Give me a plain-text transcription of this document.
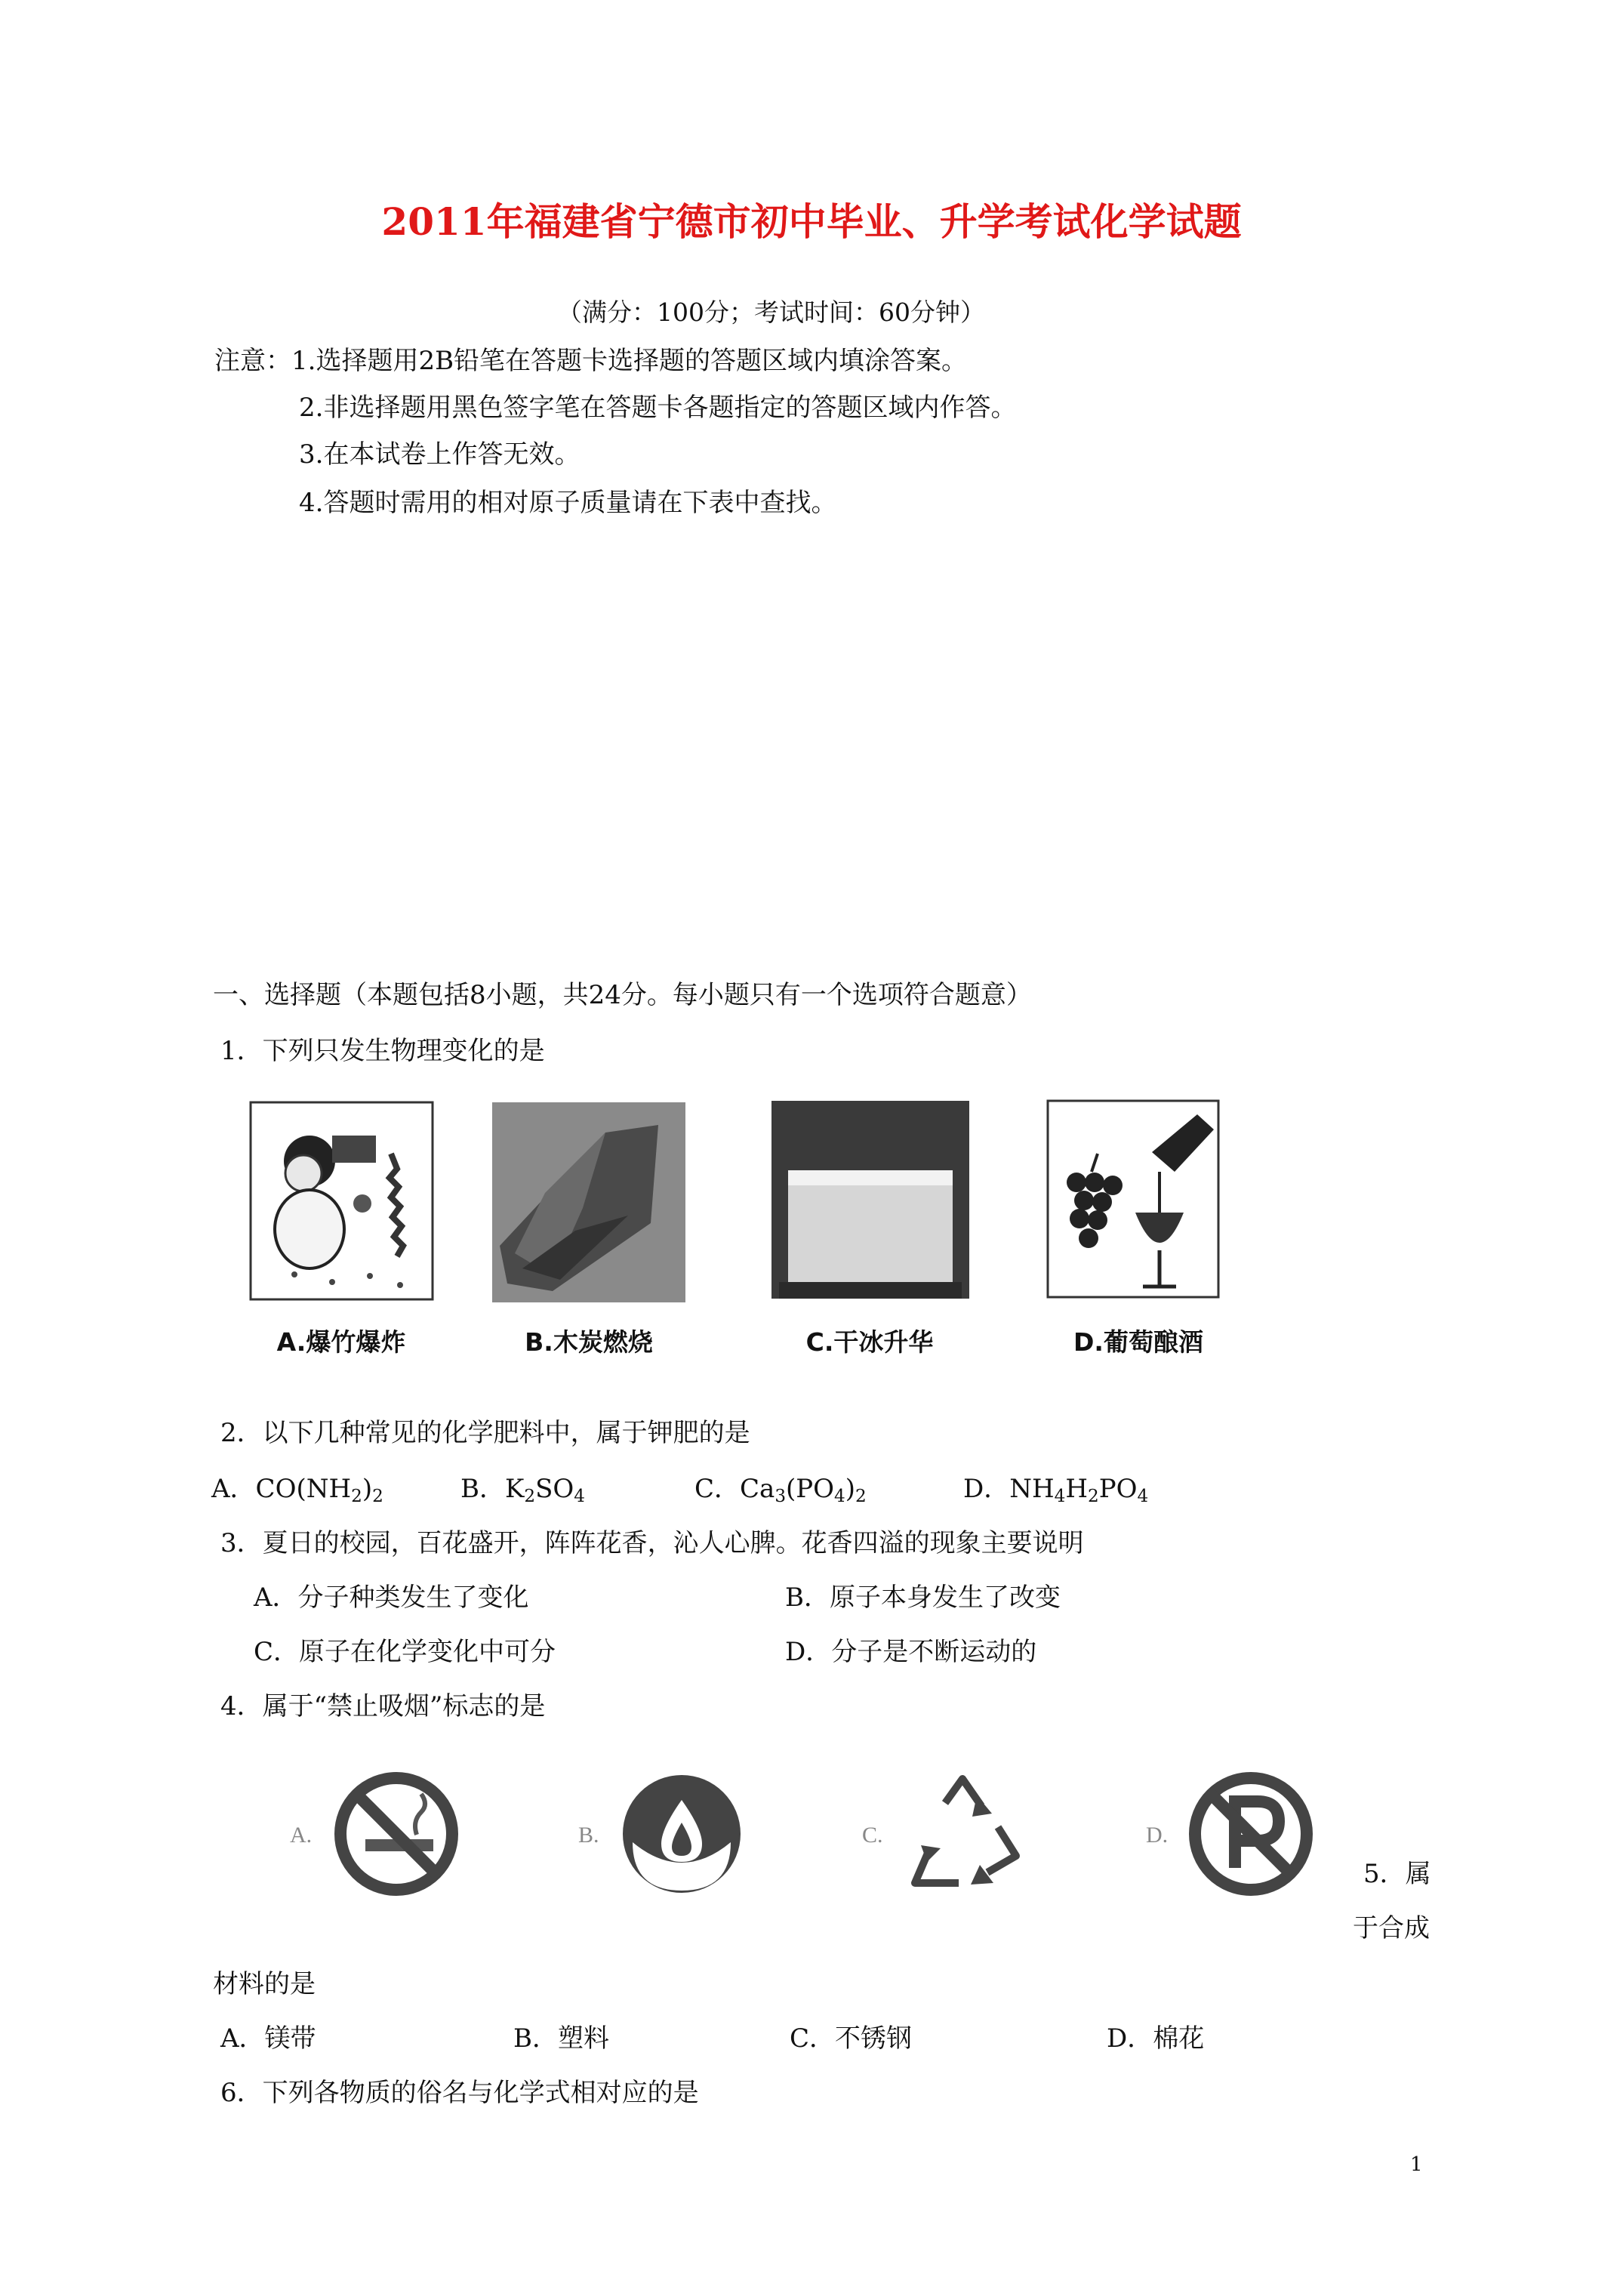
2011年福建省宁德市初中毕业、升学考试化学试题
（满分：100分；考试时间：60分钟）
注意： 1.选择题用2B铅笔在答题卡选择题的答题区域内填涂答案。
2.非选择题用黑色签字笔在答题卡各题指定的答题区域内作答。
3.在本试卷上作答无效。
4.答题时需用的相对原子质量请在下表中查找。
一、选择题（本题包括8小题，共24分。每小题只有一个选项符合题意）
1．下列只发生物理变化的是
A.爆竹爆炸	B.木炭燃烧	C.干冰升华	D.葡萄酿酒
2．以下几种常见的化学肥料中，属于钾肥的是
A．$CO(NH_2)_2$	B．$K_2SO_4$	C．$Ca_3(PO_4)_2$	D．$NH_4H_2PO_4$
3．夏日的校园，百花盛开，阵阵花香，沁人心脾。花香四溢的现象主要说明
A．分子种类发生了变化	B．原子本身发生了改变
C．原子在化学变化中可分	D．分子是不断运动的
4．属于“禁止吸烟”标志的是
A.	B.	C.	D.
5．属
于合成
材料的是
A．镁带	B．塑料	C．不锈钢	D．棉花
6．下列各物质的俗名与化学式相对应的是
1
